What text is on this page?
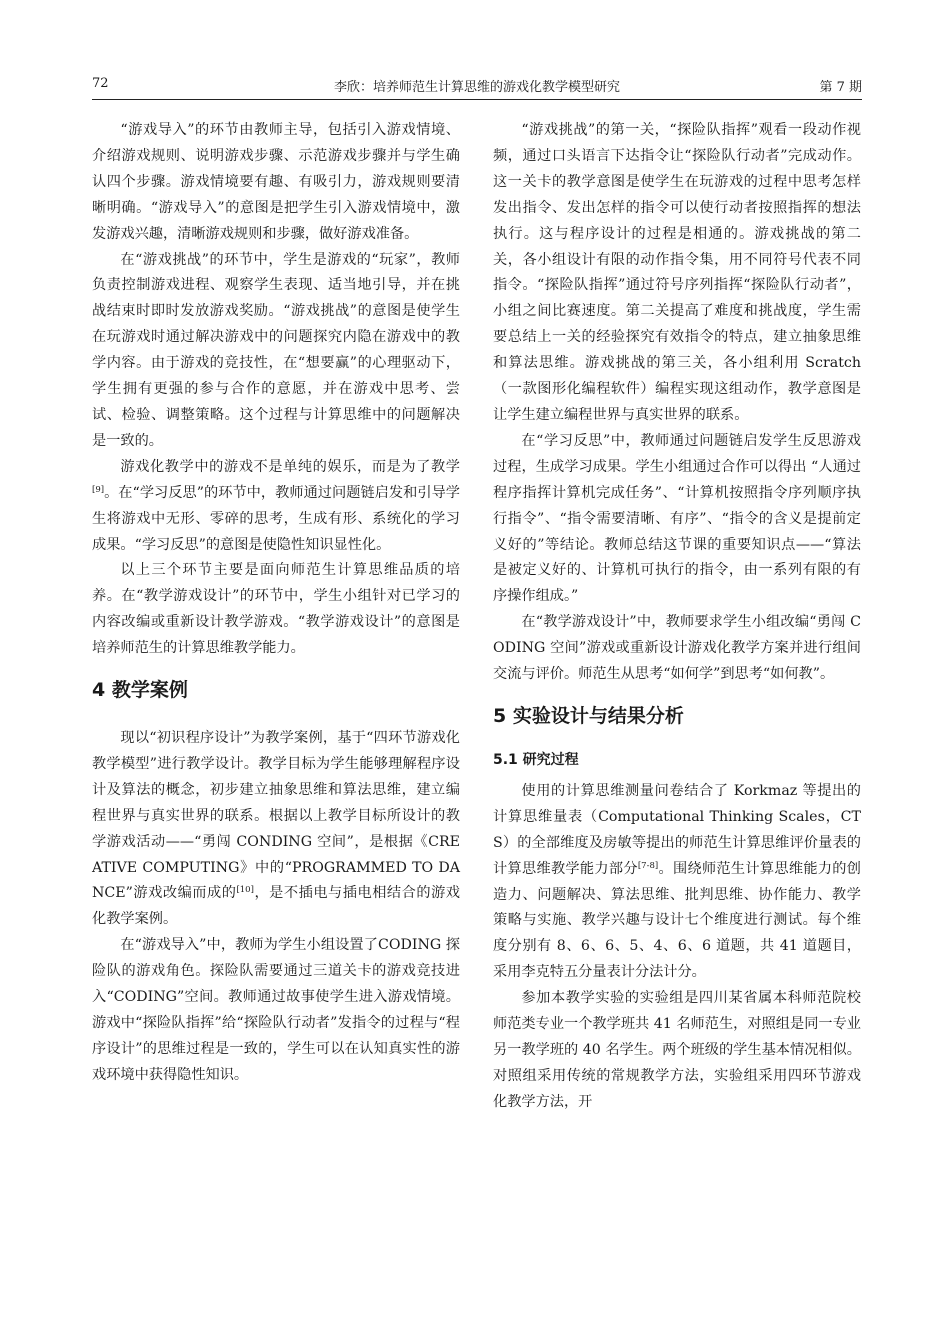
72	李欣：培养师范生计算思维的游戏化教学模型研究	第 7 期

“游戏导入”的环节由教师主导，包括引入游戏情境、介绍游戏规则、说明游戏步骤、示范游戏步骤并与学生确认四个步骤。游戏情境要有趣、有吸引力，游戏规则要清晰明确。“游戏导入”的意图是把学生引入游戏情境中，激发游戏兴趣，清晰游戏规则和步骤，做好游戏准备。

在“游戏挑战”的环节中，学生是游戏的“玩家”，教师负责控制游戏进程、观察学生表现、适当地引导，并在挑战结束时即时发放游戏奖励。“游戏挑战”的意图是使学生在玩游戏时通过解决游戏中的问题探究内隐在游戏中的教学内容。由于游戏的竞技性，在“想要赢”的心理驱动下，学生拥有更强的参与合作的意愿，并在游戏中思考、尝试、检验、调整策略。这个过程与计算思维中的问题解决是一致的。

游戏化教学中的游戏不是单纯的娱乐，而是为了教学[9]。在“学习反思”的环节中，教师通过问题链启发和引导学生将游戏中无形、零碎的思考，生成有形、系统化的学习成果。“学习反思”的意图是使隐性知识显性化。

以上三个环节主要是面向师范生计算思维品质的培养。在“教学游戏设计”的环节中，学生小组针对已学习的内容改编或重新设计教学游戏。“教学游戏设计”的意图是培养师范生的计算思维教学能力。

4 教学案例

现以“初识程序设计”为教学案例，基于“四环节游戏化教学模型”进行教学设计。教学目标为学生能够理解程序设计及算法的概念，初步建立抽象思维和算法思维，建立编程世界与真实世界的联系。根据以上教学目标所设计的教学游戏活动——“勇闯 CONDING 空间”，是根据《CREATIVE COMPUTING》中的“PROGRAMMED TO DANCE”游戏改编而成的[10]，是不插电与插电相结合的游戏化教学案例。

在“游戏导入”中，教师为学生小组设置了CODING 探险队的游戏角色。探险队需要通过三道关卡的游戏竞技进入“CODING”空间。教师通过故事使学生进入游戏情境。游戏中“探险队指挥”给“探险队行动者”发指令的过程与“程序设计”的思维过程是一致的，学生可以在认知真实性的游戏环境中获得隐性知识。

“游戏挑战”的第一关，“探险队指挥”观看一段动作视频，通过口头语言下达指令让“探险队行动者”完成动作。这一关卡的教学意图是使学生在玩游戏的过程中思考怎样发出指令、发出怎样的指令可以使行动者按照指挥的想法执行。这与程序设计的过程是相通的。游戏挑战的第二关，各小组设计有限的动作指令集，用不同符号代表不同指令。“探险队指挥”通过符号序列指挥“探险队行动者”，小组之间比赛速度。第二关提高了难度和挑战度，学生需要总结上一关的经验探究有效指令的特点，建立抽象思维和算法思维。游戏挑战的第三关，各小组利用 Scratch（一款图形化编程软件）编程实现这组动作，教学意图是让学生建立编程世界与真实世界的联系。

在“学习反思”中，教师通过问题链启发学生反思游戏过程，生成学习成果。学生小组通过合作可以得出 “人通过程序指挥计算机完成任务”、“计算机按照指令序列顺序执行指令”、“指令需要清晰、有序”、“指令的含义是提前定义好的”等结论。教师总结这节课的重要知识点——“算法是被定义好的、计算机可执行的指令，由一系列有限的有序操作组成。”

在“教学游戏设计”中，教师要求学生小组改编“勇闯 CODING 空间”游戏或重新设计游戏化教学方案并进行组间交流与评价。师范生从思考“如何学”到思考“如何教”。

5 实验设计与结果分析
5.1 研究过程

使用的计算思维测量问卷结合了 Korkmaz 等提出的计算思维量表（Computational Thinking Scales，CTS）的全部维度及房敏等提出的师范生计算思维评价量表的计算思维教学能力部分[7-8]。围绕师范生计算思维能力的创造力、问题解决、算法思维、批判思维、协作能力、教学策略与实施、教学兴趣与设计七个维度进行测试。每个维度分别有 8、6、6、5、4、6、6 道题，共 41 道题目，采用李克特五分量表计分法计分。

参加本教学实验的实验组是四川某省属本科师范院校师范类专业一个教学班共 41 名师范生，对照组是同一专业另一教学班的 40 名学生。两个班级的学生基本情况相似。对照组采用传统的常规教学方法，实验组采用四环节游戏化教学方法，开
